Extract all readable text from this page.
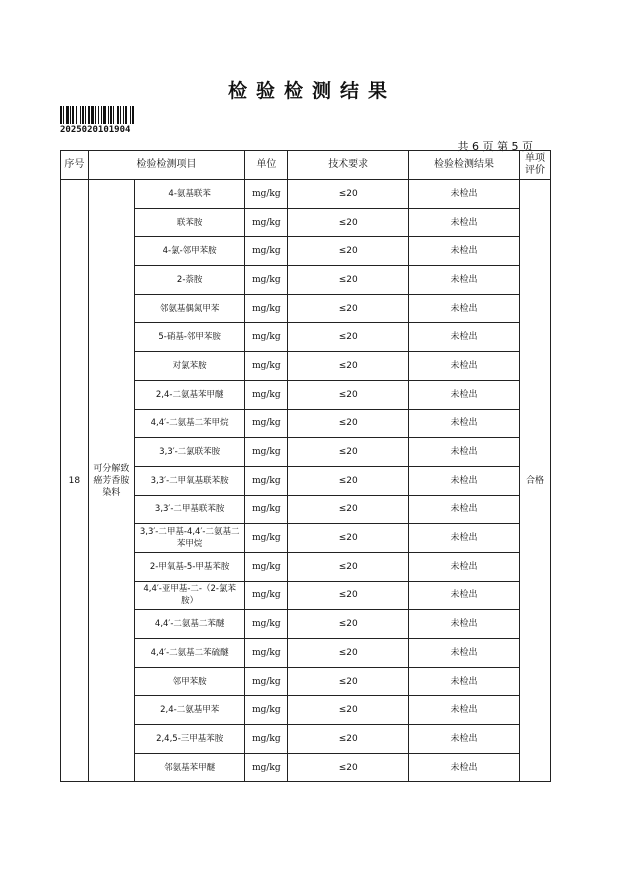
检验检测结果
2025020101904
共 6 页 第 5 页
序号	检验检测项目		单位	技术要求	检验检测结果	单项评价
18	可分解致癌芳香胺染料	4-氨基联苯	mg/kg	≤20	未检出	合格
		联苯胺	mg/kg	≤20	未检出	
		4-氯-邻甲苯胺	mg/kg	≤20	未检出	
		2-萘胺	mg/kg	≤20	未检出	
		邻氨基偶氮甲苯	mg/kg	≤20	未检出	
		5-硝基-邻甲苯胺	mg/kg	≤20	未检出	
		对氯苯胺	mg/kg	≤20	未检出	
		2,4-二氨基苯甲醚	mg/kg	≤20	未检出	
		4,4′-二氨基二苯甲烷	mg/kg	≤20	未检出	
		3,3′-二氯联苯胺	mg/kg	≤20	未检出	
		3,3′-二甲氧基联苯胺	mg/kg	≤20	未检出	
		3,3′-二甲基联苯胺	mg/kg	≤20	未检出	
		3,3′-二甲基-4,4′-二氨基二苯甲烷	mg/kg	≤20	未检出	
		2-甲氧基-5-甲基苯胺	mg/kg	≤20	未检出	
		4,4′-亚甲基-二-（2-氯苯胺）	mg/kg	≤20	未检出	
		4,4′-二氨基二苯醚	mg/kg	≤20	未检出	
		4,4′-二氨基二苯硫醚	mg/kg	≤20	未检出	
		邻甲苯胺	mg/kg	≤20	未检出	
		2,4-二氨基甲苯	mg/kg	≤20	未检出	
		2,4,5-三甲基苯胺	mg/kg	≤20	未检出	
		邻氨基苯甲醚	mg/kg	≤20	未检出	
